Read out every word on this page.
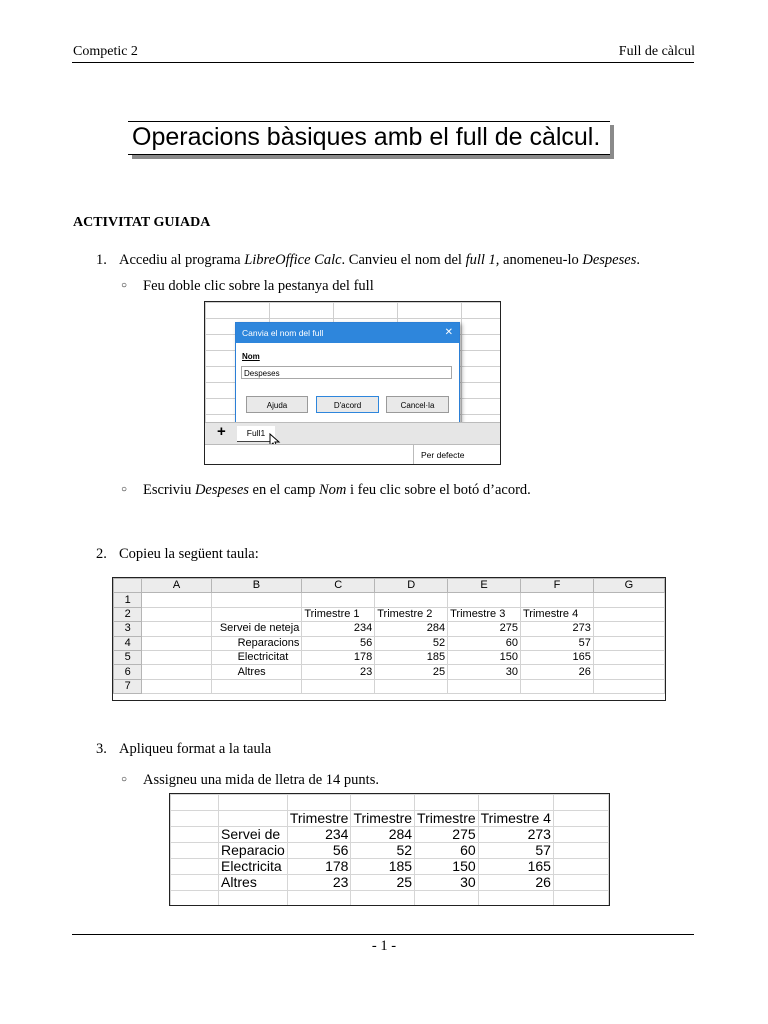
Competic 2	Full de càlcul
Operacions bàsiques amb el full de càlcul.
ACTIVITAT GUIADA
1. Accediu al programa LibreOffice Calc. Canvieu el nom del full 1, anomeneu-lo Despeses.
○ Feu doble clic sobre la pestanya del full
Canvia el nom del full	✕
Nom
Despeses
Ajuda	D'acord	Cancel·la
+	Full1
Per defecte
○ Escriviu Despeses en el camp Nom i feu clic sobre el botó d’acord.
2. Copieu la següent taula:
	A	B	C	D	E	F	G
1							
2			Trimestre 1	Trimestre 2	Trimestre 3	Trimestre 4	
3		Servei de neteja	234	284	275	273	
4		Reparacions	56	52	60	57	
5		Electricitat	178	185	150	165	
6		Altres	23	25	30	26	
7							
3. Apliqueu format a la taula
○ Assigneu una mida de lletra de 14 punts.

		Trimestre	Trimestre	Trimestre	Trimestre 4	
	Servei de	234	284	275	273	
	Reparacio	56	52	60	57	
	Electricita	178	185	150	165	
	Altres	23	25	30	26	

- 1 -
